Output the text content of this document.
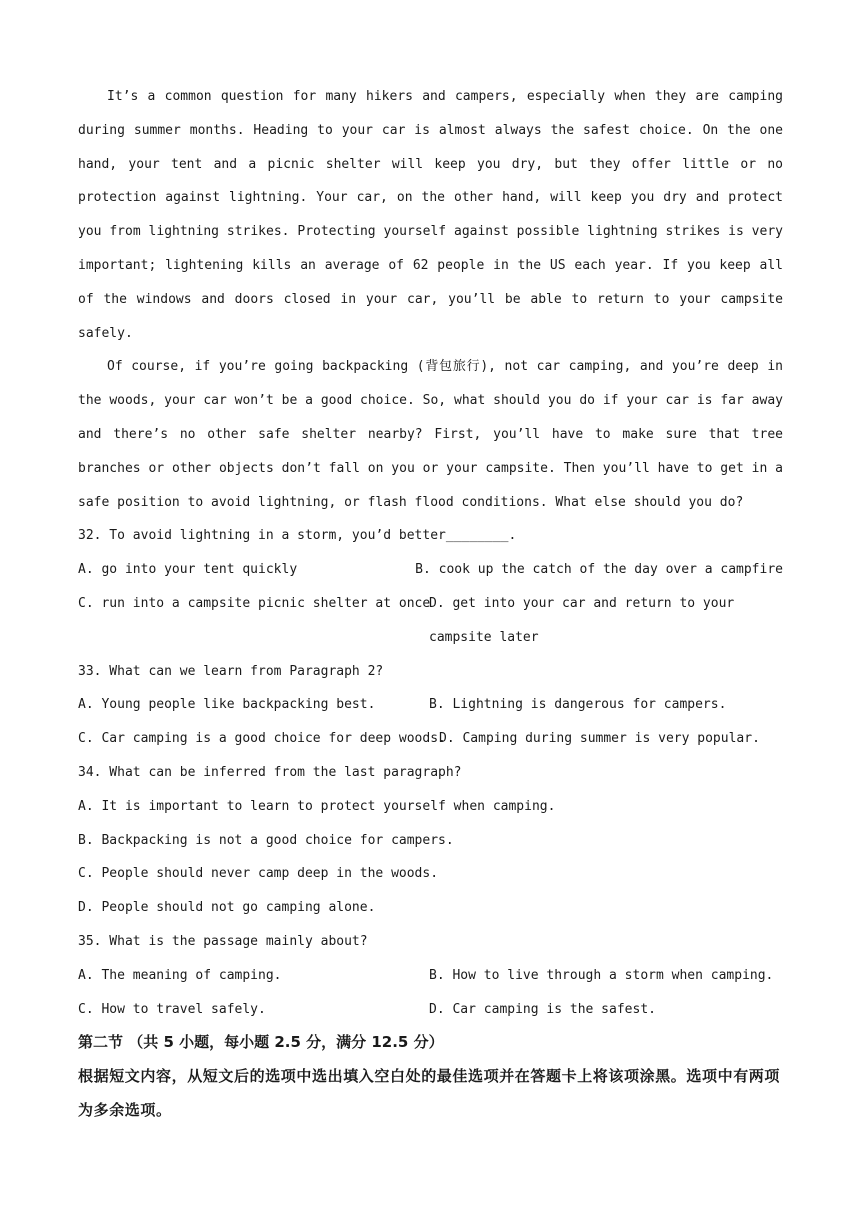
It’s a common question for many hikers and campers, especially when they are camping during summer months. Heading to your car is almost always the safest choice. On the one hand, your tent and a picnic shelter will keep you dry, but they offer little or no protection against lightning. Your car, on the other hand, will keep you dry and protect you from lightning strikes. Protecting yourself against possible lightning strikes is very important; lightening kills an average of 62 people in the US each year. If you keep all of the windows and doors closed in your car, you’ll be able to return to your campsite safely.

Of course, if you’re going backpacking (背包旅行), not car camping, and you’re deep in the woods, your car won’t be a good choice. So, what should you do if your car is far away and there’s no other safe shelter nearby? First, you’ll have to make sure that tree branches or other objects don’t fall on you or your campsite. Then you’ll have to get in a safe position to avoid lightning, or flash flood conditions. What else should you do?

32. To avoid lightning in a storm, you’d better________.
A. go into your tent quickly	B. cook up the catch of the day over a campfire
C. run into a campsite picnic shelter at once
D. get into your car and return to your campsite later
33. What can we learn from Paragraph 2?
A. Young people like backpacking best.	B. Lightning is dangerous for campers.
C. Car camping is a good choice for deep woods.
D. Camping during summer is very popular.
34. What can be inferred from the last paragraph?
A. It is important to learn to protect yourself when camping.
B. Backpacking is not a good choice for campers.
C. People should never camp deep in the woods.
D. People should not go camping alone.
35. What is the passage mainly about?
A. The meaning of camping.	B. How to live through a storm when camping.
C. How to travel safely.	D. Car camping is the safest.
第二节 （共 5 小题，每小题 2.5 分，满分 12.5 分）

根据短文内容，从短文后的选项中选出填入空白处的最佳选项并在答题卡上将该项涂黑。选项中有两项为多余选项。
